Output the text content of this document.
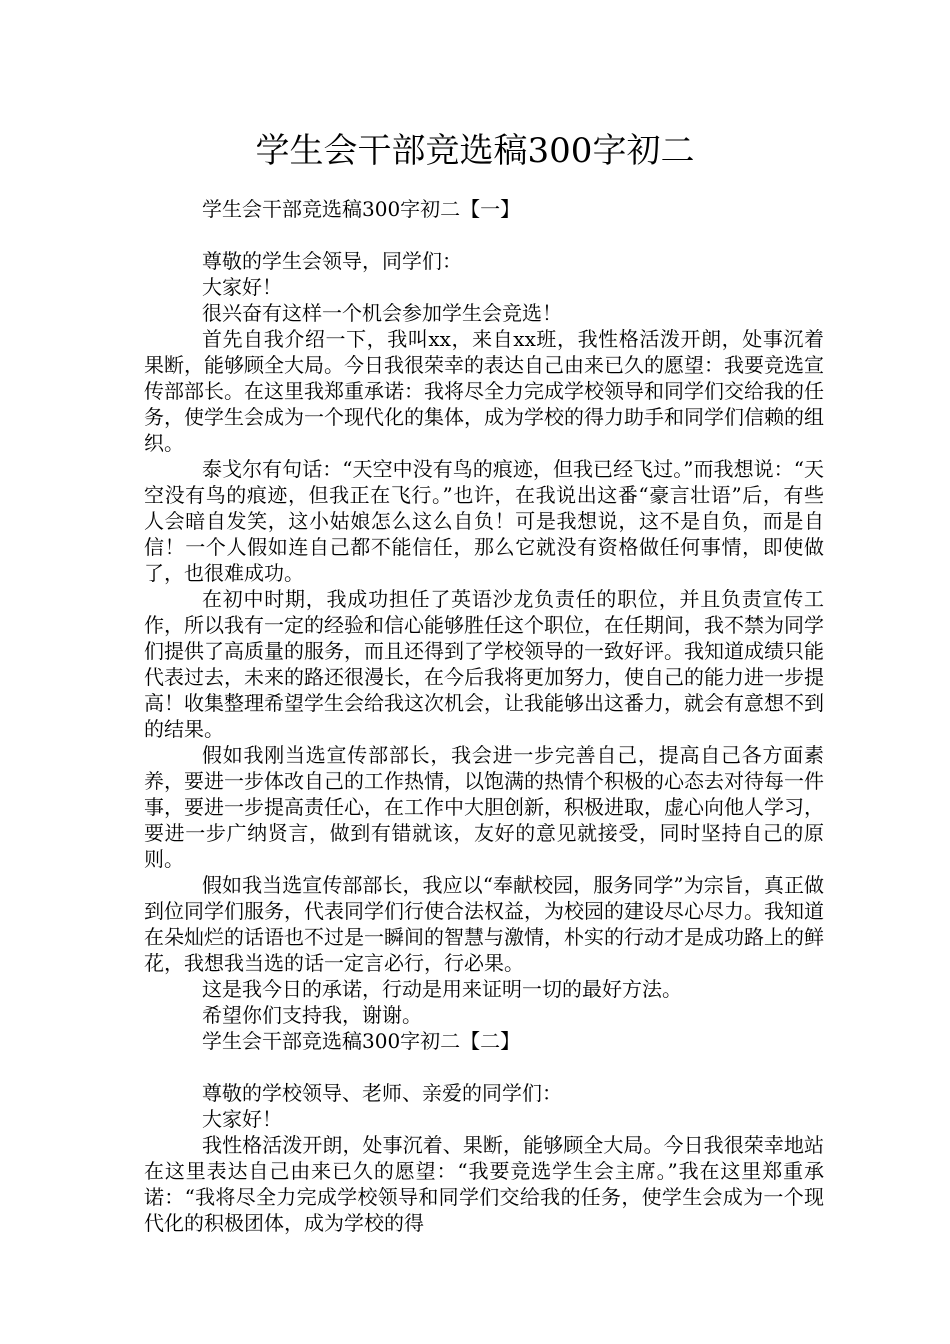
学生会干部竞选稿300字初二

学生会干部竞选稿300字初二【一】

尊敬的学生会领导，同学们：

大家好！

很兴奋有这样一个机会参加学生会竞选！

首先自我介绍一下，我叫xx，来自xx班，我性格活泼开朗，处事沉着果断，能够顾全大局。今日我很荣幸的表达自己由来已久的愿望：我要竞选宣传部部长。在这里我郑重承诺：我将尽全力完成学校领导和同学们交给我的任务，使学生会成为一个现代化的集体，成为学校的得力助手和同学们信赖的组织。

泰戈尔有句话：“天空中没有鸟的痕迹，但我已经飞过。”而我想说：“天空没有鸟的痕迹，但我正在飞行。”也许，在我说出这番“豪言壮语”后，有些人会暗自发笑，这小姑娘怎么这么自负！可是我想说，这不是自负，而是自信！一个人假如连自己都不能信任，那么它就没有资格做任何事情，即使做了，也很难成功。

在初中时期，我成功担任了英语沙龙负责任的职位，并且负责宣传工作，所以我有一定的经验和信心能够胜任这个职位，在任期间，我不禁为同学们提供了高质量的服务，而且还得到了学校领导的一致好评。我知道成绩只能代表过去，未来的路还很漫长，在今后我将更加努力，使自己的能力进一步提高！收集整理希望学生会给我这次机会，让我能够出这番力，就会有意想不到的结果。

假如我刚当选宣传部部长，我会进一步完善自己，提高自己各方面素养，要进一步体改自己的工作热情，以饱满的热情个积极的心态去对待每一件事，要进一步提高责任心，在工作中大胆创新，积极进取，虚心向他人学习，要进一步广纳贤言，做到有错就该，友好的意见就接受，同时坚持自己的原则。

假如我当选宣传部部长，我应以“奉献校园，服务同学”为宗旨，真正做到位同学们服务，代表同学们行使合法权益，为校园的建设尽心尽力。我知道在朵灿烂的话语也不过是一瞬间的智慧与激情，朴实的行动才是成功路上的鲜花，我想我当选的话一定言必行，行必果。

这是我今日的承诺，行动是用来证明一切的最好方法。

希望你们支持我，谢谢。

学生会干部竞选稿300字初二【二】

尊敬的学校领导、老师、亲爱的同学们：

大家好！

我性格活泼开朗，处事沉着、果断，能够顾全大局。今日我很荣幸地站在这里表达自己由来已久的愿望：“我要竞选学生会主席。”我在这里郑重承诺：“我将尽全力完成学校领导和同学们交给我的任务，使学生会成为一个现代化的积极团体，成为学校的得
